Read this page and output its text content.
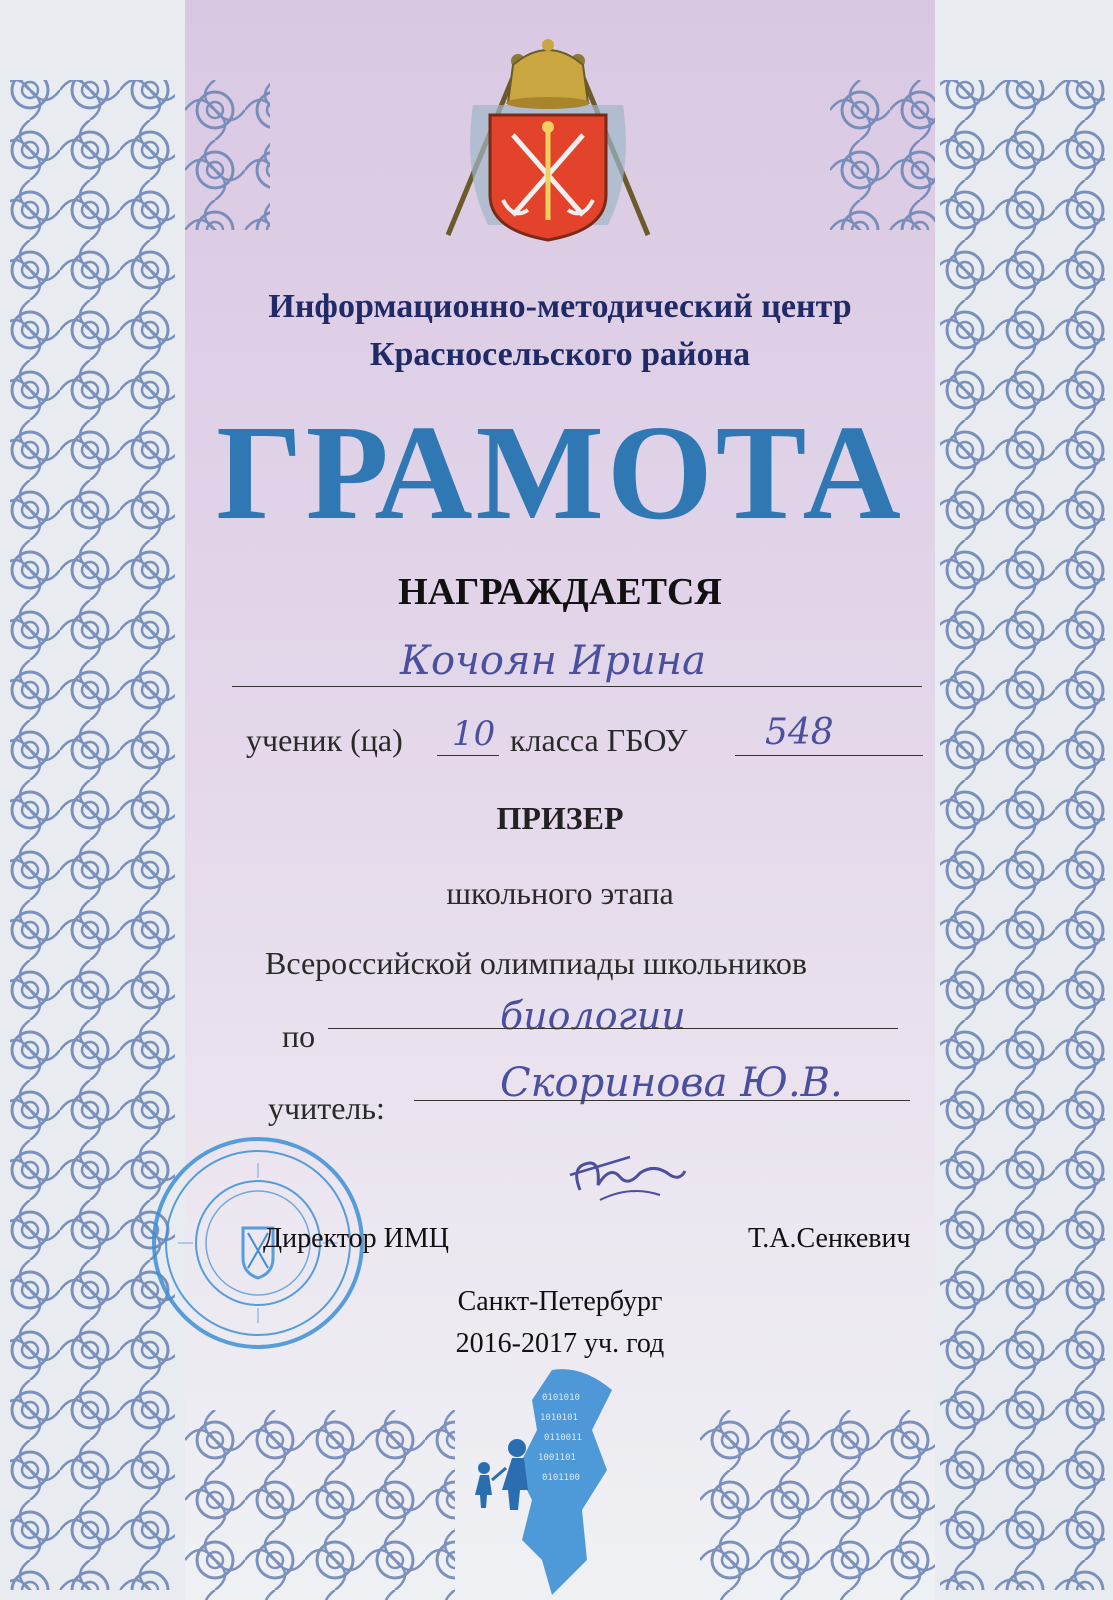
Информационно-методический центр
Красносельского района
ГРАМОТА
НАГРАЖДАЕТСЯ
Кочоян Ирина
ученик (ца) 10 класса ГБОУ 548
ПРИЗЕР
школьного этапа
Всероссийской олимпиады школьников
по	биологии
учитель:
Скоринова Ю.В.
Директор ИМЦ	Т.А.Сенкевич
Санкт-Петербург
2016-2017 уч. год
0101010
1010101
0110011
1001101
0101100
